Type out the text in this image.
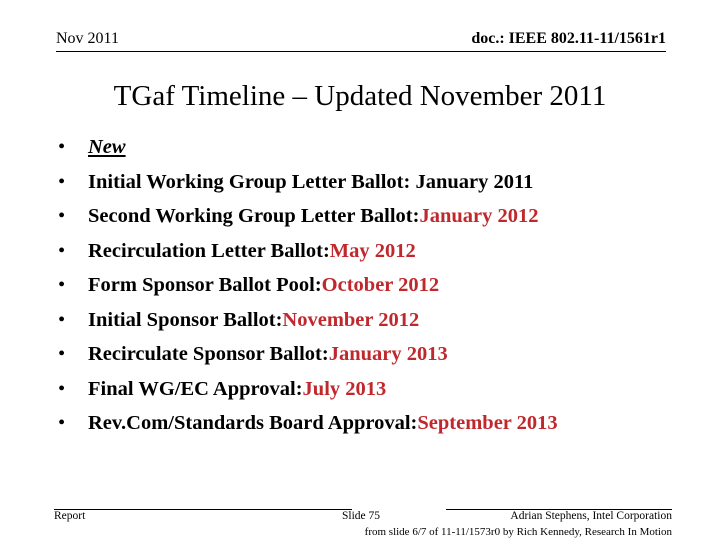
Nov 2011	doc.: IEEE 802.11-11/1561r1
TGaf Timeline – Updated November 2011
•	New
•	Initial Working Group Letter Ballot: January 2011
•	Second Working Group Letter Ballot: January 2012
•	Recirculation Letter Ballot: May 2012
•	Form Sponsor Ballot Pool: October 2012
•	Initial Sponsor Ballot: November 2012
•	Recirculate Sponsor Ballot: January 2013
•	Final WG/EC Approval: July 2013
•	Rev.Com/Standards Board Approval: September 2013
Report	Slide 75	Adrian Stephens, Intel Corporation
from slide 6/7 of 11-11/1573r0 by Rich Kennedy, Research In Motion
